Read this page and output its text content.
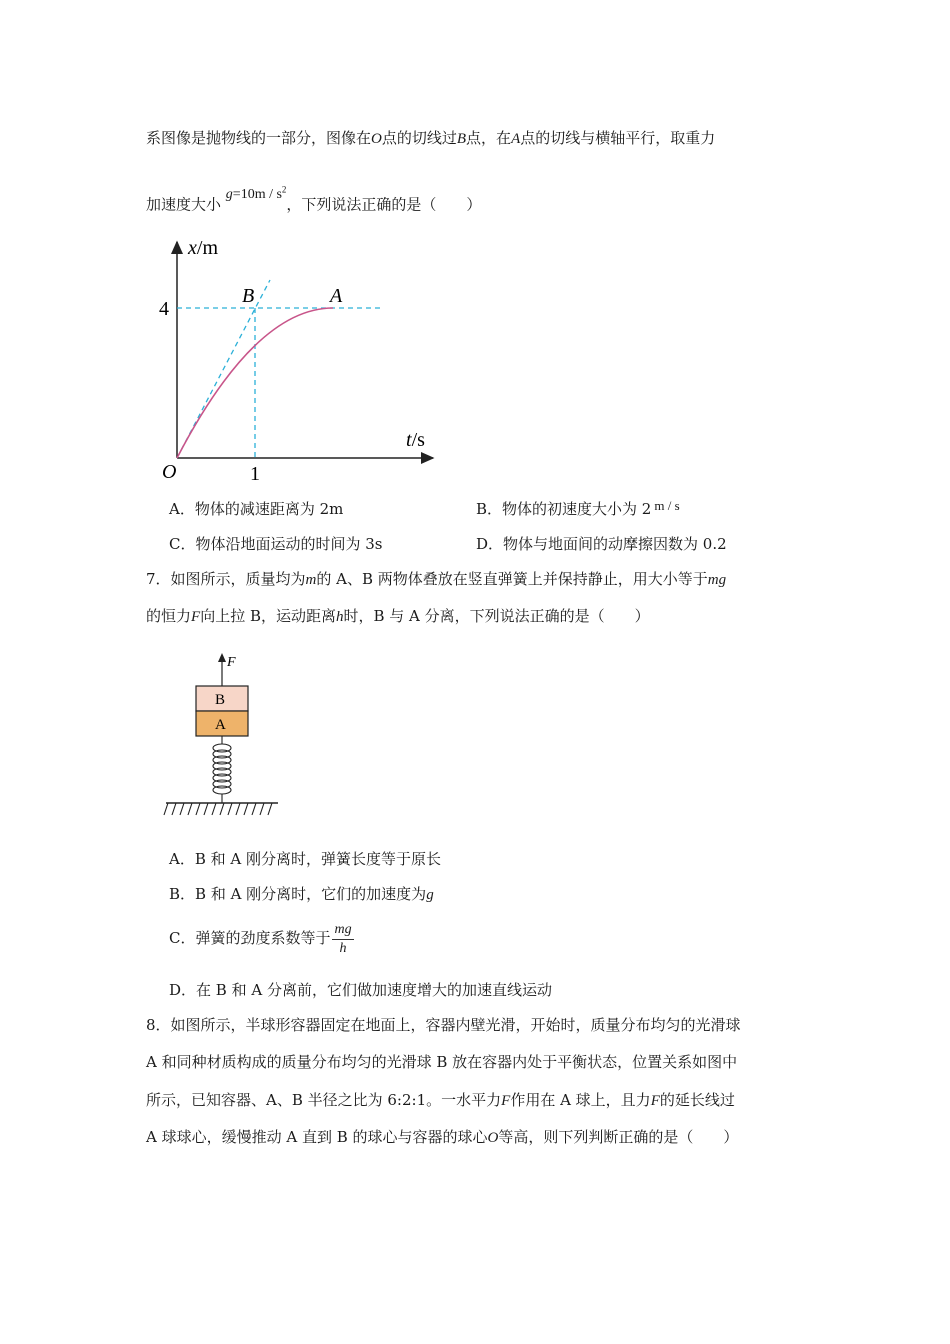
系图像是抛物线的一部分，图像在O点的切线过B点，在A点的切线与横轴平行，取重力
加速度大小 $g=10m / s^2$，下列说法正确的是（　　）
x/m
t/s
O
4
1
B	A
A．物体的减速距离为 2m	B．物体的初速度大小为 2 m / s
C．物体沿地面运动的时间为 3s	D．物体与地面间的动摩擦因数为 0.2
7．如图所示，质量均为m的 A、B 两物体叠放在竖直弹簧上并保持静止，用大小等于mg
的恒力F向上拉 B，运动距离h时，B 与 A 分离，下列说法正确的是（　　）
F
B
A
A．B 和 A 刚分离时，弹簧长度等于原长
B．B 和 A 刚分离时，它们的加速度为g
C．弹簧的劲度系数等于 $\frac{mg}{h}$
D．在 B 和 A 分离前，它们做加速度增大的加速直线运动
8．如图所示，半球形容器固定在地面上，容器内壁光滑，开始时，质量分布均匀的光滑球
A 和同种材质构成的质量分布均匀的光滑球 B 放在容器内处于平衡状态，位置关系如图中
所示，已知容器、A、B 半径之比为 6:2:1。一水平力F作用在 A 球上，且力F的延长线过
A 球球心，缓慢推动 A 直到 B 的球心与容器的球心O等高，则下列判断正确的是（　　）
